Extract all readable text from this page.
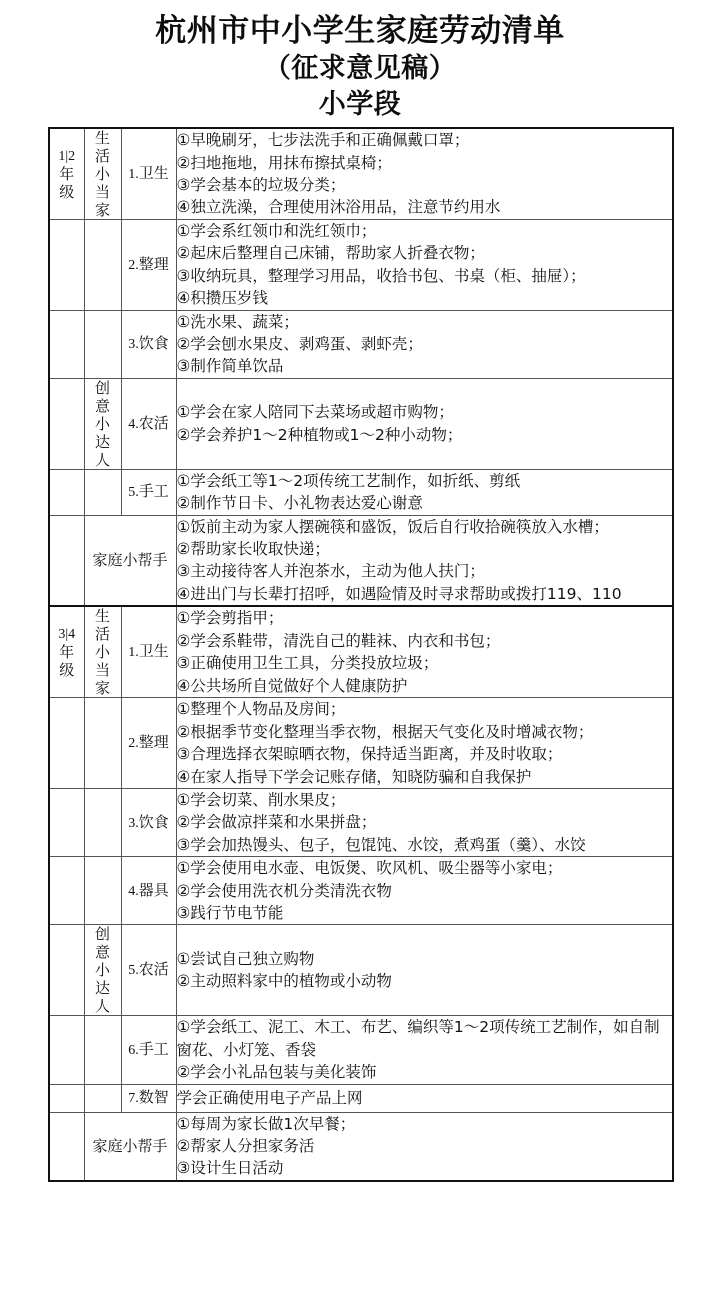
杭州市中小学生家庭劳动清单
（征求意见稿）
小学段
1|2
年
级	生
活
小
当
家	1.卫生	①早晚刷牙，七步法洗手和正确佩戴口罩；
②扫地拖地，用抹布擦拭桌椅；
③学会基本的垃圾分类；
④独立洗澡，合理使用沐浴用品，注意节约用水

		2.整理	①学会系红领巾和洗红领巾；
②起床后整理自己床铺，帮助家人折叠衣物；
③收纳玩具，整理学习用品，收拾书包、书桌（柜、抽屉）；
④积攒压岁钱

		3.饮食	①洗水果、蔬菜；
②学会刨水果皮、剥鸡蛋、剥虾壳；
③制作简单饮品

	创
意
小
达
人	4.农活	①学会在家人陪同下去菜场或超市购物；
②学会养护1～2种植物或1～2种小动物；

		5.手工	①学会纸工等1～2项传统工艺制作，如折纸、剪纸
②制作节日卡、小礼物表达爱心谢意

	家庭小帮手		①饭前主动为家人摆碗筷和盛饭，饭后自行收拾碗筷放入水槽；
②帮助家长收取快递；
③主动接待客人并泡茶水，主动为他人扶门；
④进出门与长辈打招呼，如遇险情及时寻求帮助或拨打119、110

3|4
年
级	生
活
小
当
家	1.卫生	①学会剪指甲；
②学会系鞋带，清洗自己的鞋袜、内衣和书包；
③正确使用卫生工具，分类投放垃圾；
④公共场所自觉做好个人健康防护

		2.整理	①整理个人物品及房间；
②根据季节变化整理当季衣物，根据天气变化及时增减衣物；
③合理选择衣架晾晒衣物，保持适当距离，并及时收取；
④在家人指导下学会记账存储，知晓防骗和自我保护

		3.饮食	①学会切菜、削水果皮；
②学会做凉拌菜和水果拼盘；
③学会加热馒头、包子，包馄饨、水饺，煮鸡蛋（羹）、水饺

		4.器具	①学会使用电水壶、电饭煲、吹风机、吸尘器等小家电；
②学会使用洗衣机分类清洗衣物
③践行节电节能

	创
意
小
达
人	5.农活	①尝试自己独立购物
②主动照料家中的植物或小动物

		6.手工	①学会纸工、泥工、木工、布艺、编织等1～2项传统工艺制作，如自制窗花、小灯笼、香袋
②学会小礼品包装与美化装饰

		7.数智	学会正确使用电子产品上网

	家庭小帮手		①每周为家长做1次早餐；
②帮家人分担家务活
③设计生日活动
